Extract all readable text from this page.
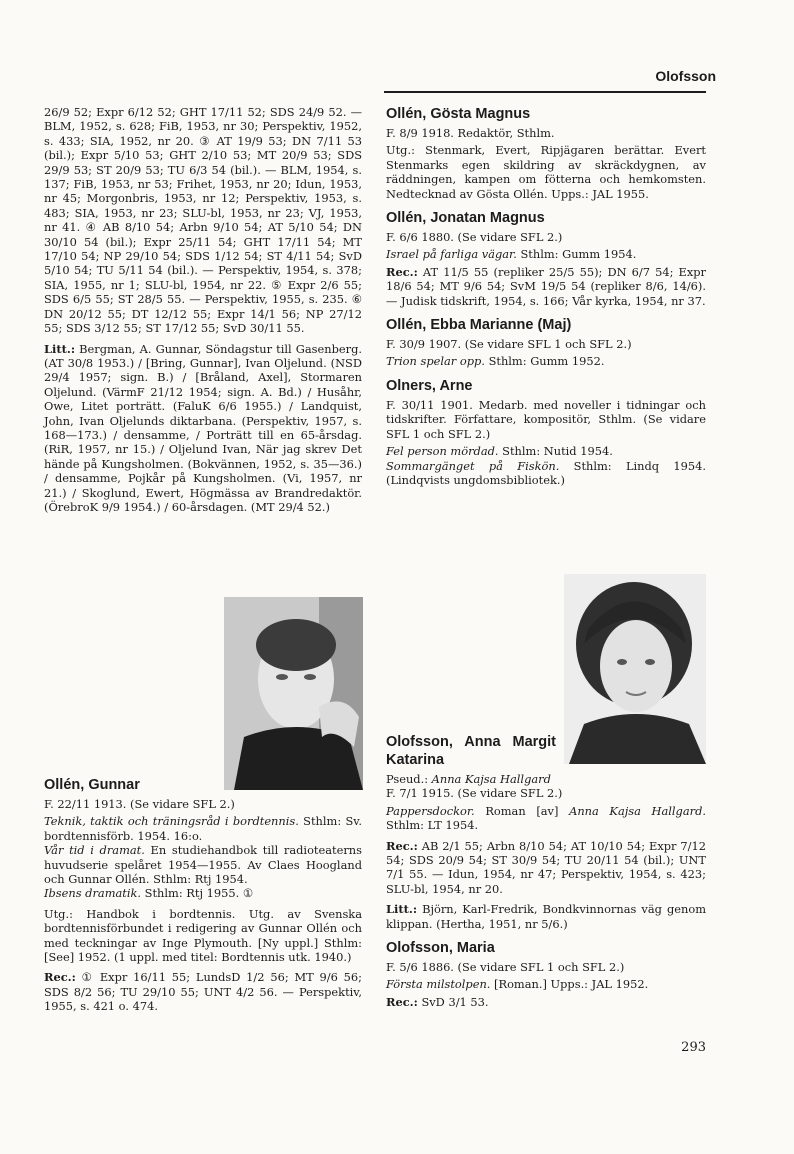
Olofsson

26/9 52; Expr 6/12 52; GHT 17/11 52; SDS 24/9 52. — BLM, 1952, s. 628; FiB, 1953, nr 30; Perspektiv, 1952, s. 433; SIA, 1952, nr 20. ③ AT 19/9 53; DN 7/11 53 (bil.); Expr 5/10 53; GHT 2/10 53; MT 20/9 53; SDS 29/9 53; ST 20/9 53; TU 6/3 54 (bil.). — BLM, 1954, s. 137; FiB, 1953, nr 53; Frihet, 1953, nr 20; Idun, 1953, nr 45; Morgonbris, 1953, nr 12; Perspektiv, 1953, s. 483; SIA, 1953, nr 23; SLU-bl, 1953, nr 23; VJ, 1953, nr 41. ④ AB 8/10 54; Arbn 9/10 54; AT 5/10 54; DN 30/10 54 (bil.); Expr 25/11 54; GHT 17/11 54; MT 17/10 54; NP 29/10 54; SDS 1/12 54; ST 4/11 54; SvD 5/10 54; TU 5/11 54 (bil.). — Perspektiv, 1954, s. 378; SIA, 1955, nr 1; SLU-bl, 1954, nr 22. ⑤ Expr 2/6 55; SDS 6/5 55; ST 28/5 55. — Perspektiv, 1955, s. 235. ⑥ DN 20/12 55; DT 12/12 55; Expr 14/1 56; NP 27/12 55; SDS 3/12 55; ST 17/12 55; SvD 30/11 55.

Litt.: Bergman, A. Gunnar, Söndagstur till Gasenberg. (AT 30/8 1953.) / [Bring, Gunnar], Ivan Oljelund. (NSD 29/4 1957; sign. B.) / [Bråland, Axel], Stormaren Oljelund. (VärmF 21/12 1954; sign. A. Bd.) / Husåhr, Owe, Litet porträtt. (FaluK 6/6 1955.) / Landquist, John, Ivan Oljelunds diktarbana. (Perspektiv, 1957, s. 168—173.) / densamme, / Porträtt till en 65-årsdag. (RiR, 1957, nr 15.) / Oljelund Ivan, När jag skrev Det hände på Kungsholmen. (Bokvännen, 1952, s. 35—36.) / densamme, Pojkår på Kungsholmen. (Vi, 1957, nr 21.) / Skoglund, Ewert, Högmässa av Brandredaktör. (ÖrebroK 9/9 1954.) / 60-årsdagen. (MT 29/4 52.)

Ollén, Gunnar

F. 22/11 1913. (Se vidare SFL 2.)

Teknik, taktik och träningsråd i bordtennis. Sthlm: Sv. bordtennisförb. 1954. 16:o.

Vår tid i dramat. En studiehandbok till radioteaterns huvudserie spelåret 1954—1955. Av Claes Hoogland och Gunnar Ollén. Sthlm: Rtj 1954.

Ibsens dramatik. Sthlm: Rtj 1955. ①

Utg.: Handbok i bordtennis. Utg. av Svenska bordtennisförbundet i redigering av Gunnar Ollén och med teckningar av Inge Plymouth. [Ny uppl.] Sthlm: [See] 1952. (1 uppl. med titel: Bordtennis utk. 1940.)

Rec.: ① Expr 16/11 55; LundsD 1/2 56; MT 9/6 56; SDS 8/2 56; TU 29/10 55; UNT 4/2 56. — Perspektiv, 1955, s. 421 o. 474.

Ollén, Gösta Magnus

F. 8/9 1918. Redaktör, Sthlm.

Utg.: Stenmark, Evert, Ripjägaren berättar. Evert Stenmarks egen skildring av skräckdygnen, av räddningen, kampen om fötterna och hemkomsten. Nedtecknad av Gösta Ollén. Upps.: JAL 1955.

Ollén, Jonatan Magnus

F. 6/6 1880. (Se vidare SFL 2.)

Israel på farliga vägar. Sthlm: Gumm 1954.

Rec.: AT 11/5 55 (repliker 25/5 55); DN 6/7 54; Expr 18/6 54; MT 9/6 54; SvM 19/5 54 (repliker 8/6, 14/6). — Judisk tidskrift, 1954, s. 166; Vår kyrka, 1954, nr 37.

Ollén, Ebba Marianne (Maj)

F. 30/9 1907. (Se vidare SFL 1 och SFL 2.)

Trion spelar opp. Sthlm: Gumm 1952.

Olners, Arne

F. 30/11 1901. Medarb. med noveller i tidningar och tidskrifter. Författare, kompositör, Sthlm. (Se vidare SFL 1 och SFL 2.)

Fel person mördad. Sthlm: Nutid 1954.

Sommargänget på Fiskön. Sthlm: Lindq 1954. (Lindqvists ungdomsbibliotek.)

Olofsson, Anna Margit Katarina

Pseud.: Anna Kajsa Hallgard

F. 7/1 1915. (Se vidare SFL 2.)

Pappersdockor. Roman [av] Anna Kajsa Hallgard. Sthlm: LT 1954.

Rec.: AB 2/1 55; Arbn 8/10 54; AT 10/10 54; Expr 7/12 54; SDS 20/9 54; ST 30/9 54; TU 20/11 54 (bil.); UNT 7/1 55. — Idun, 1954, nr 47; Perspektiv, 1954, s. 423; SLU-bl, 1954, nr 20.

Litt.: Björn, Karl-Fredrik, Bondkvinnornas väg genom klippan. (Hertha, 1951, nr 5/6.)

Olofsson, Maria

F. 5/6 1886. (Se vidare SFL 1 och SFL 2.)

Första milstolpen. [Roman.] Upps.: JAL 1952.

Rec.: SvD 3/1 53.

293
